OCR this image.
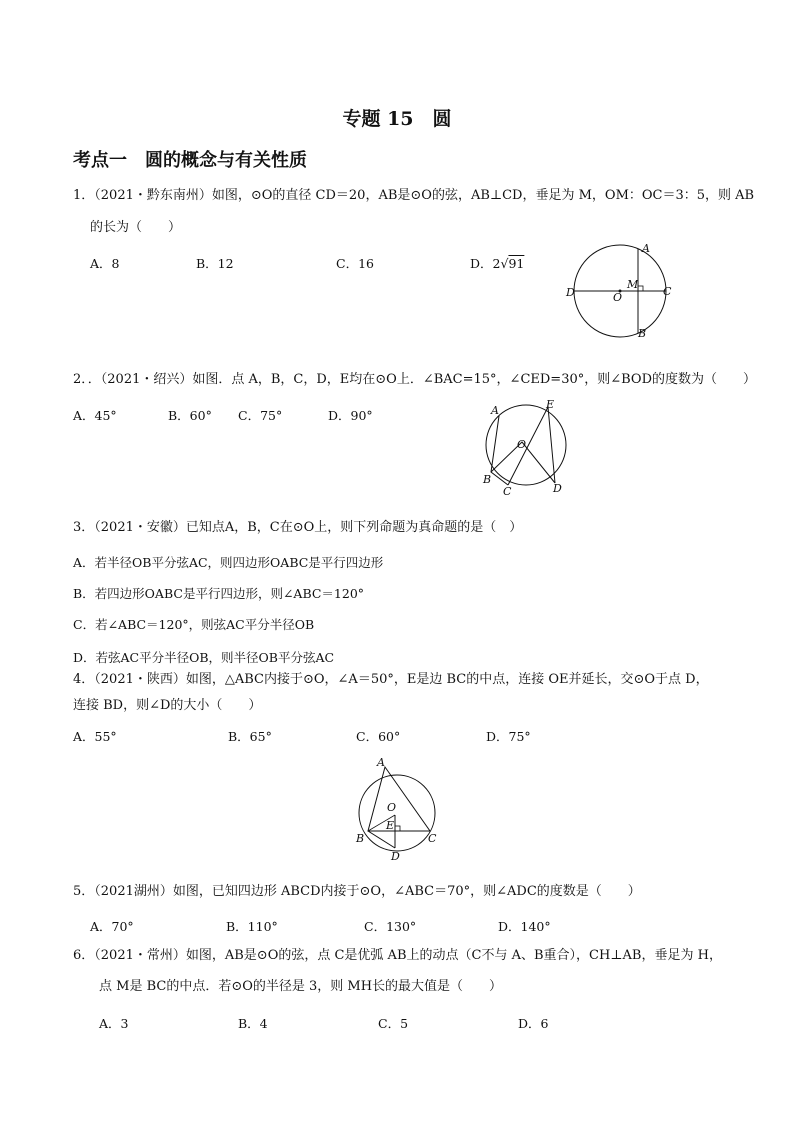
专题 15　圆
考点一　圆的概念与有关性质
1．（2021・黔东南州）如图，⊙O的直径 CD＝20，AB是⊙O的弦，AB⊥CD，垂足为 M，OM：OC＝3：5，则 AB
的长为（　　）
A．8	B．12	C．16	D．2√91
A
B
C
D	O
M
2．．（2021・绍兴）如图．点 A，B，C，D，E均在⊙O上．∠BAC=15°，∠CED=30°，则∠BOD的度数为（　　）
A．45°	B．60° C．75°	D．90°	A
B
C	D
E
O
3．（2021・安徽）已知点A，B，C在⊙O上，则下列命题为真命题的是（　）
A．若半径OB平分弦AC，则四边形OABC是平行四边形
B．若四边形OABC是平行四边形，则∠ABC＝120°
C．若∠ABC＝120°，则弦AC平分半径OB
D．若弦AC平分半径OB，则半径OB平分弦AC
4．（2021・陕西）如图，△ABC内接于⊙O，∠A＝50°，E是边 BC的中点，连接 OE并延长，交⊙O于点 D，
连接 BD，则∠D的大小（　　）
A．55°	B．65°	C．60°	D．75°
A
B	C
D
E
O
5．（2021湖州）如图，已知四边形 ABCD内接于⊙O，∠ABC＝70°，则∠ADC的度数是（　　）
A．70°	B．110°	C．130°	D．140°
6．（2021・常州）如图，AB是⊙O的弦，点 C是优弧 AB上的动点（C不与 A、B重合），CH⊥AB，垂足为 H，
点 M是 BC的中点．若⊙O的半径是 3，则 MH长的最大值是（　　）
A．3	B．4	C．5	D．6
